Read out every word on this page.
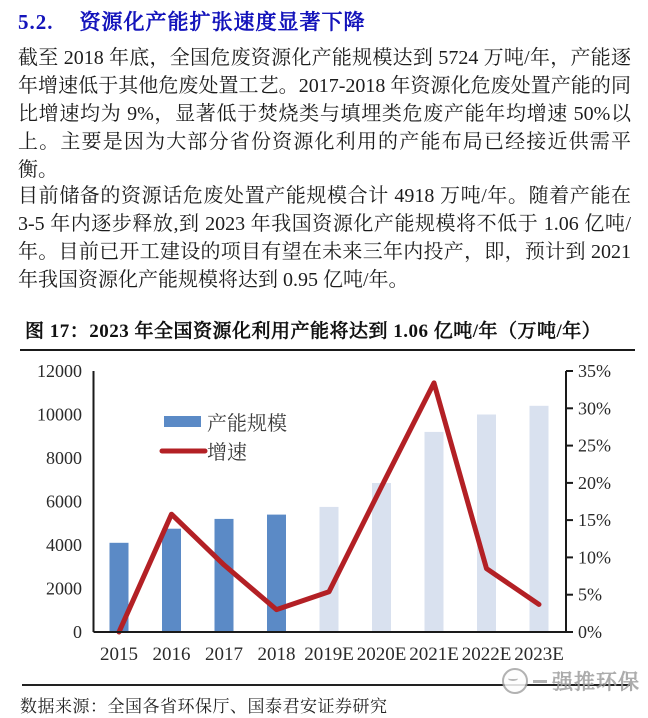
5.2. 资源化产能扩张速度显著下降

截至 2018 年底，全国危废资源化产能规模达到 5724 万吨/年，产能逐年增速低于其他危废处置工艺。2017-2018 年资源化危废处置产能的同比增速均为 9%，显著低于焚烧类与填埋类危废产能年均增速 50%以上。主要是因为大部分省份资源化利用的产能布局已经接近供需平衡。

目前储备的资源话危废处置产能规模合计 4918 万吨/年。随着产能在 3-5 年内逐步释放,到 2023 年我国资源化产能规模将不低于 1.06 亿吨/年。目前已开工建设的项目有望在未来三年内投产，即，预计到 2021 年我国资源化产能规模将达到 0.95 亿吨/年。

图 17：2023 年全国资源化利用产能将达到 1.06 亿吨/年（万吨/年）
0
2000
4000
6000
8000
10000
12000
0%
5%
10%
15%
20%
25%
30%
35%
2015 2016 2017 2018 2019E 2020E 2021E 2022E 2023E
产能规模
增速
强推环保
数据来源：全国各省环保厅、国泰君安证券研究
